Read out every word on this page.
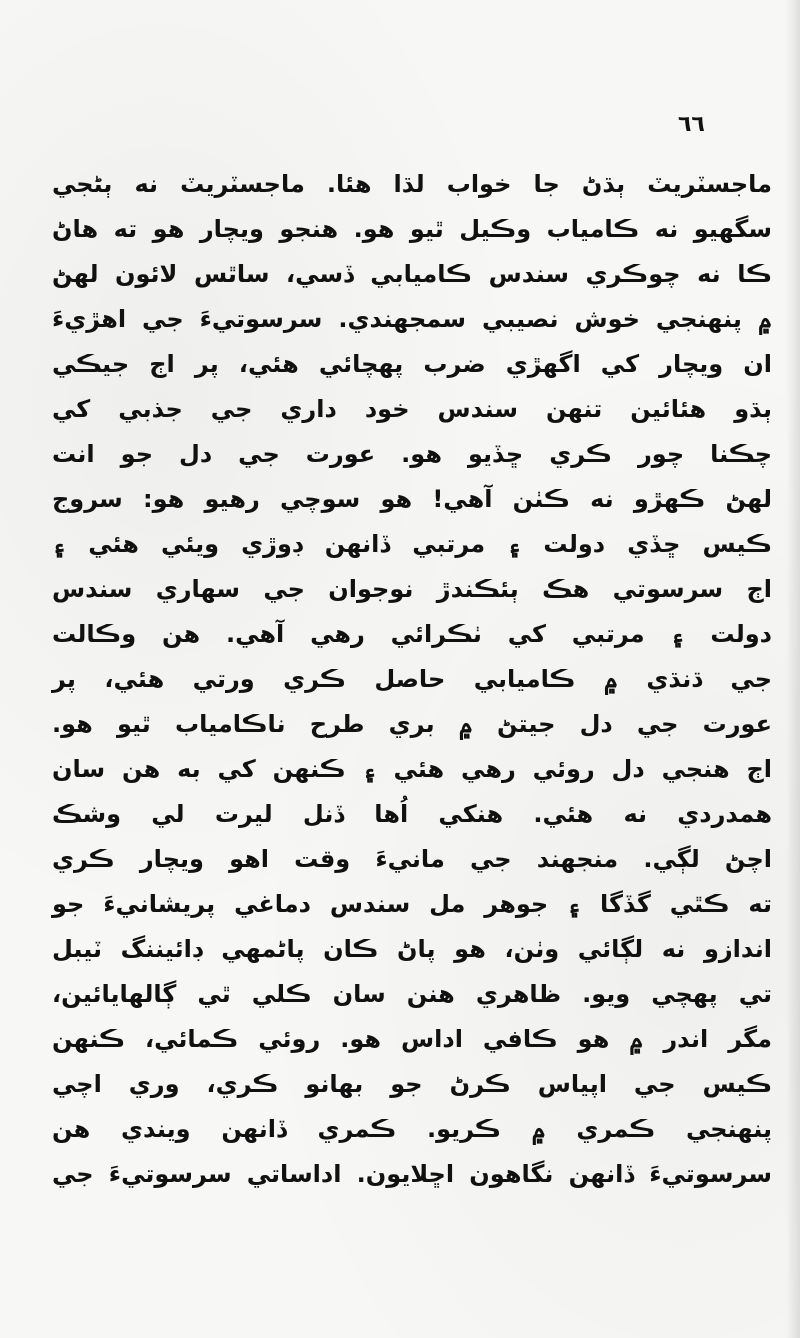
٦٦
ماجسٽريٽ ٻڌڻ جا خواب لڌا هئا. ماجسٽريٽ نه ٻڻجي
سگهيو نه ڪامياب وڪيل ٿيو هو. هنجو ويچار هو ته هاڻ
ڪا نه چوڪري سندس ڪاميابي ڏسي، ساٿس لائون لهڻ
۾ پنهنجي خوش نصيبي سمجهندي. سرسوتيءَ جي اهڙيءَ
ان ويچار کي اگهڙي ضرب پهچائي هئي، پر اڄ جيڪي
ٻڌو هئائين تنهن سندس خود داري جي جذبي کي
چڪنا چور ڪري ڇڏيو هو. عورت جي دل جو انت
لهڻ ڪهڙو نه ڪٺن آهي! هو سوچي رهيو هو: سروج
ڪيس ڇڏي دولت ۽ مرتبي ڏانهن ڊوڙي ويئي هئي ۽
اڄ سرسوتي هڪ ٻئڪندڙ نوجوان جي سهاري سندس
دولت ۽ مرتبي کي ٺڪرائي رهي آهي. هن وڪالت
جي ڌنڌي ۾ ڪاميابي حاصل ڪري ورتي هئي، پر
عورت جي دل جيتڻ ۾ بري طرح ناڪامياب ٿيو هو.
اڄ هنجي دل روئي رهي هئي ۽ ڪنهن کي به هن سان
همدردي نه هئي. هنکي اُها ڏنل ليرت لي وشڪ
اچڻ لڳي. منجهند جي مانيءَ وقت اهو ويچار ڪري
ته ڪٿي گڏگا ۽ جوهر مل سندس دماغي پريشانيءَ جو
اندازو نه لڳائي وٺن، هو پاڻ ڪان پاڻمهي ڊائيننگ ٽيبل
تي پهچي ويو. ظاهري هنن سان ڪلي ٿي ڳالهايائين،
مگر اندر ۾ هو ڪافي اداس هو. روئي ڪمائي، ڪنهن
ڪيس جي اپياس ڪرڻ جو بهانو ڪري، وري اچي
پنهنجي ڪمري ۾ ڪريو. ڪمري ڏانهن ويندي هن
سرسوتيءَ ڏانهن نگاهون اڇلايون. اداساتي سرسوتيءَ جي
